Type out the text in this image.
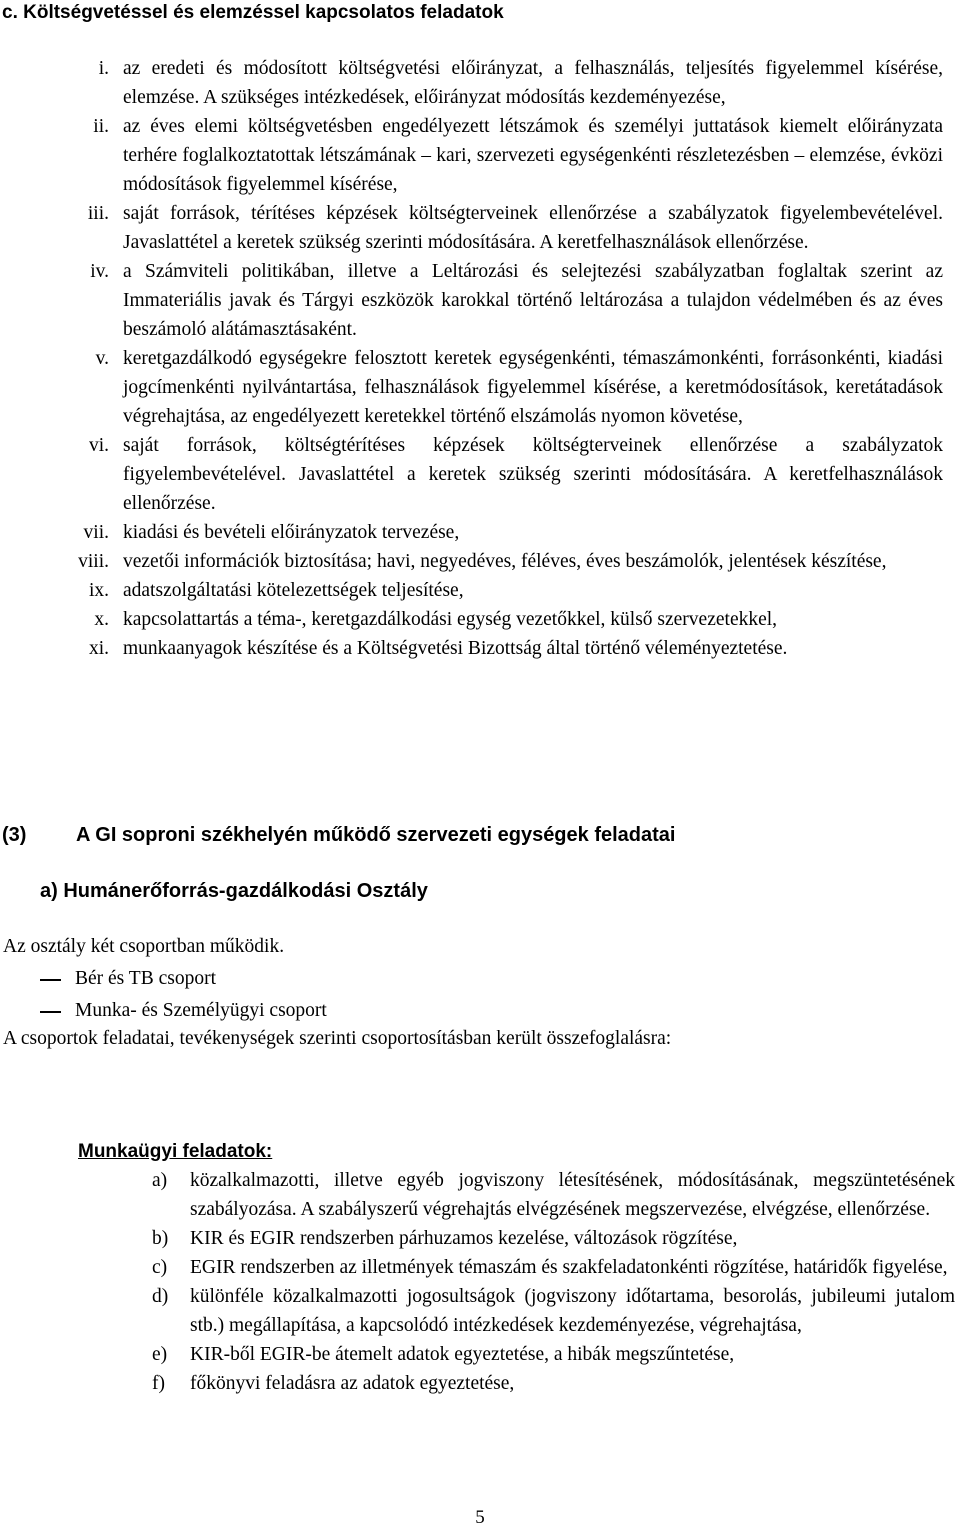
c. Költségvetéssel és elemzéssel kapcsolatos feladatok
i. az eredeti és módosított költségvetési előirányzat, a felhasználás, teljesítés figyelemmel kísérése, elemzése. A szükséges intézkedések, előirányzat módosítás kezdeményezése,
ii. az éves elemi költségvetésben engedélyezett létszámok és személyi juttatások kiemelt előirányzata terhére foglalkoztatottak létszámának – kari, szervezeti egységenkénti részletezésben – elemzése, évközi módosítások figyelemmel kísérése,
iii. saját források, térítéses képzések költségterveinek ellenőrzése a szabályzatok figyelembevételével. Javaslattétel a keretek szükség szerinti módosítására. A keretfelhasználások ellenőrzése.
iv. a Számviteli politikában, illetve a Leltározási és selejtezési szabályzatban foglaltak szerint az Immateriális javak és Tárgyi eszközök karokkal történő leltározása a tulajdon védelmében és az éves beszámoló alátámasztásaként.
v. keretgazdálkodó egységekre felosztott keretek egységenkénti, témaszámonkénti, forrásonkénti, kiadási jogcímenkénti nyilvántartása, felhasználások figyelemmel kísérése, a keretmódosítások, keretátadások végrehajtása, az engedélyezett keretekkel történő elszámolás nyomon követése,
vi. saját források, költségtérítéses képzések költségterveinek ellenőrzése a szabályzatok figyelembevételével. Javaslattétel a keretek szükség szerinti módosítására. A keretfelhasználások ellenőrzése.
vii. kiadási és bevételi előirányzatok tervezése,
viii. vezetői információk biztosítása; havi, negyedéves, féléves, éves beszámolók, jelentések készítése,
ix. adatszolgáltatási kötelezettségek teljesítése,
x. kapcsolattartás a téma-, keretgazdálkodási egység vezetőkkel, külső szervezetekkel,
xi. munkaanyagok készítése és a Költségvetési Bizottság által történő véleményeztetése.
(3) A GI soproni székhelyén működő szervezeti egységek feladatai
a) Humánerőforrás-gazdálkodási Osztály
Az osztály két csoportban működik.
Bér és TB csoport
Munka- és Személyügyi csoport
A csoportok feladatai, tevékenységek szerinti csoportosításban került összefoglalásra:
Munkaügyi feladatok:
a)	közalkalmazotti, illetve egyéb jogviszony létesítésének, módosításának, megszüntetésének szabályozása. A szabályszerű végrehajtás elvégzésének megszervezése, elvégzése, ellenőrzése.
b)	KIR és EGIR rendszerben párhuzamos kezelése, változások rögzítése,
c)	EGIR rendszerben az illetmények témaszám és szakfeladatonkénti rögzítése, határidők figyelése,
d)	különféle közalkalmazotti jogosultságok (jogviszony időtartama, besorolás, jubileumi jutalom stb.) megállapítása, a kapcsolódó intézkedések kezdeményezése, végrehajtása,
e)	KIR-ből EGIR-be átemelt adatok egyeztetése, a hibák megszűntetése,
f)	főkönyvi feladásra az adatok egyeztetése,
5
